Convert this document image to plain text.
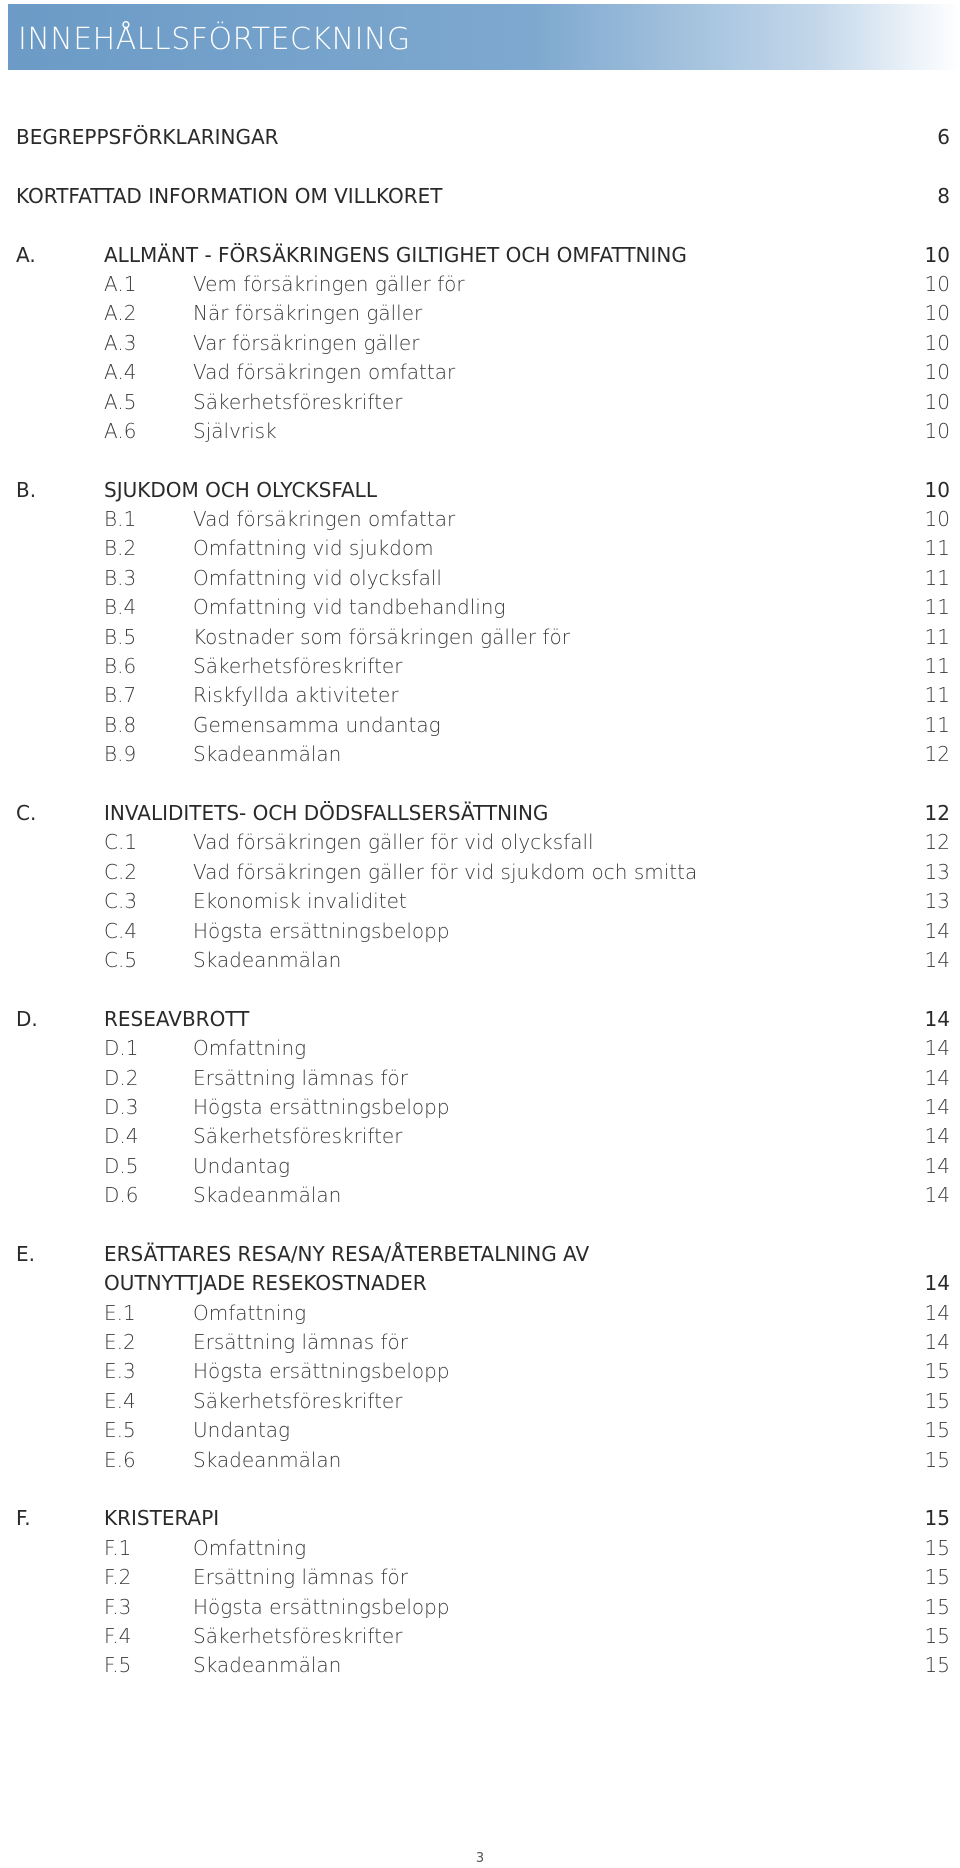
INNEHÅLLSFÖRTECKNING
BEGREPPSFÖRKLARINGAR	6
KORTFATTAD INFORMATION OM VILLKORET	8
A.	ALLMÄNT - FÖRSÄKRINGENS GILTIGHET OCH OMFATTNING	10
A.1	Vem försäkringen gäller för	10
A.2	När försäkringen gäller	10
A.3	Var försäkringen gäller	10
A.4	Vad försäkringen omfattar	10
A.5	Säkerhetsföreskrifter	10
A.6	Självrisk	10
B.	SJUKDOM OCH OLYCKSFALL	10
B.1	Vad försäkringen omfattar	10
B.2	Omfattning vid sjukdom	11
B.3	Omfattning vid olycksfall	11
B.4	Omfattning vid tandbehandling	11
B.5	Kostnader som försäkringen gäller för	11
B.6	Säkerhetsföreskrifter	11
B.7	Riskfyllda aktiviteter	11
B.8	Gemensamma undantag	11
B.9	Skadeanmälan	12
C.	INVALIDITETS- OCH DÖDSFALLSERSÄTTNING	12
C.1	Vad försäkringen gäller för vid olycksfall	12
C.2	Vad försäkringen gäller för vid sjukdom och smitta	13
C.3	Ekonomisk invaliditet	13
C.4	Högsta ersättningsbelopp	14
C.5	Skadeanmälan	14
D.	RESEAVBROTT	14
D.1	Omfattning	14
D.2	Ersättning lämnas för	14
D.3	Högsta ersättningsbelopp	14
D.4	Säkerhetsföreskrifter	14
D.5	Undantag	14
D.6	Skadeanmälan	14
E.	ERSÄTTARES RESA/NY RESA/ÅTERBETALNING AV
OUTNYTTJADE RESEKOSTNADER	14
E.1	Omfattning	14
E.2	Ersättning lämnas för	14
E.3	Högsta ersättningsbelopp	15
E.4	Säkerhetsföreskrifter	15
E.5	Undantag	15
E.6	Skadeanmälan	15
F.	KRISTERAPI	15
F.1	Omfattning	15
F.2	Ersättning lämnas för	15
F.3	Högsta ersättningsbelopp	15
F.4	Säkerhetsföreskrifter	15
F.5	Skadeanmälan	15
3
